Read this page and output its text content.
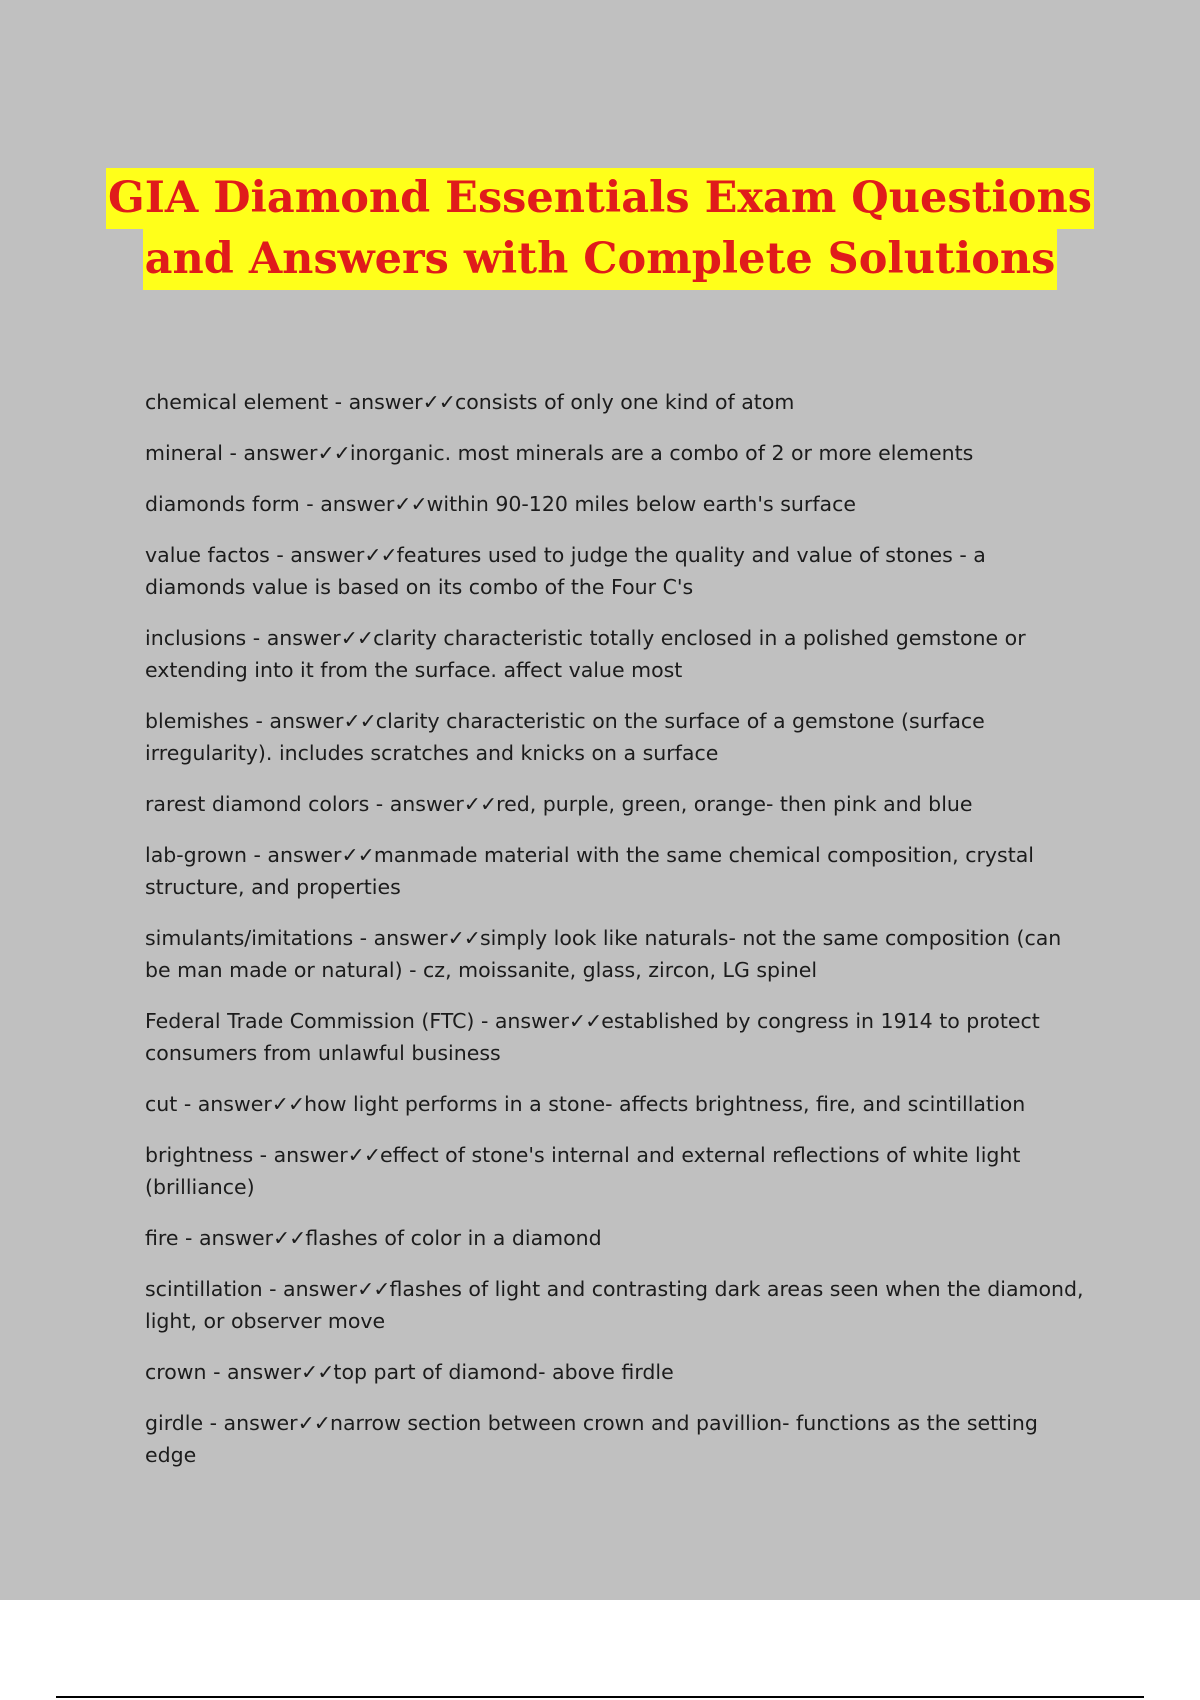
GIA Diamond Essentials Exam Questions
and Answers with Complete Solutions
chemical element - answer✓✓consists of only one kind of atom
mineral - answer✓✓inorganic. most minerals are a combo of 2 or more elements
diamonds form - answer✓✓within 90-120 miles below earth's surface
value factos - answer✓✓features used to judge the quality and value of stones - a diamonds value is based on its combo of the Four C's
inclusions - answer✓✓clarity characteristic totally enclosed in a polished gemstone or extending into it from the surface. affect value most
blemishes - answer✓✓clarity characteristic on the surface of a gemstone (surface irregularity). includes scratches and knicks on a surface
rarest diamond colors - answer✓✓red, purple, green, orange- then pink and blue
lab-grown - answer✓✓manmade material with the same chemical composition, crystal structure, and properties
simulants/imitations - answer✓✓simply look like naturals- not the same composition (can be man made or natural) - cz, moissanite, glass, zircon, LG spinel
Federal Trade Commission (FTC) - answer✓✓established by congress in 1914 to protect consumers from unlawful business
cut - answer✓✓how light performs in a stone- affects brightness, fire, and scintillation
brightness - answer✓✓effect of stone's internal and external reflections of white light (brilliance)
fire - answer✓✓flashes of color in a diamond
scintillation - answer✓✓flashes of light and contrasting dark areas seen when the diamond, light, or observer move
crown - answer✓✓top part of diamond- above firdle
girdle - answer✓✓narrow section between crown and pavillion- functions as the setting edge
